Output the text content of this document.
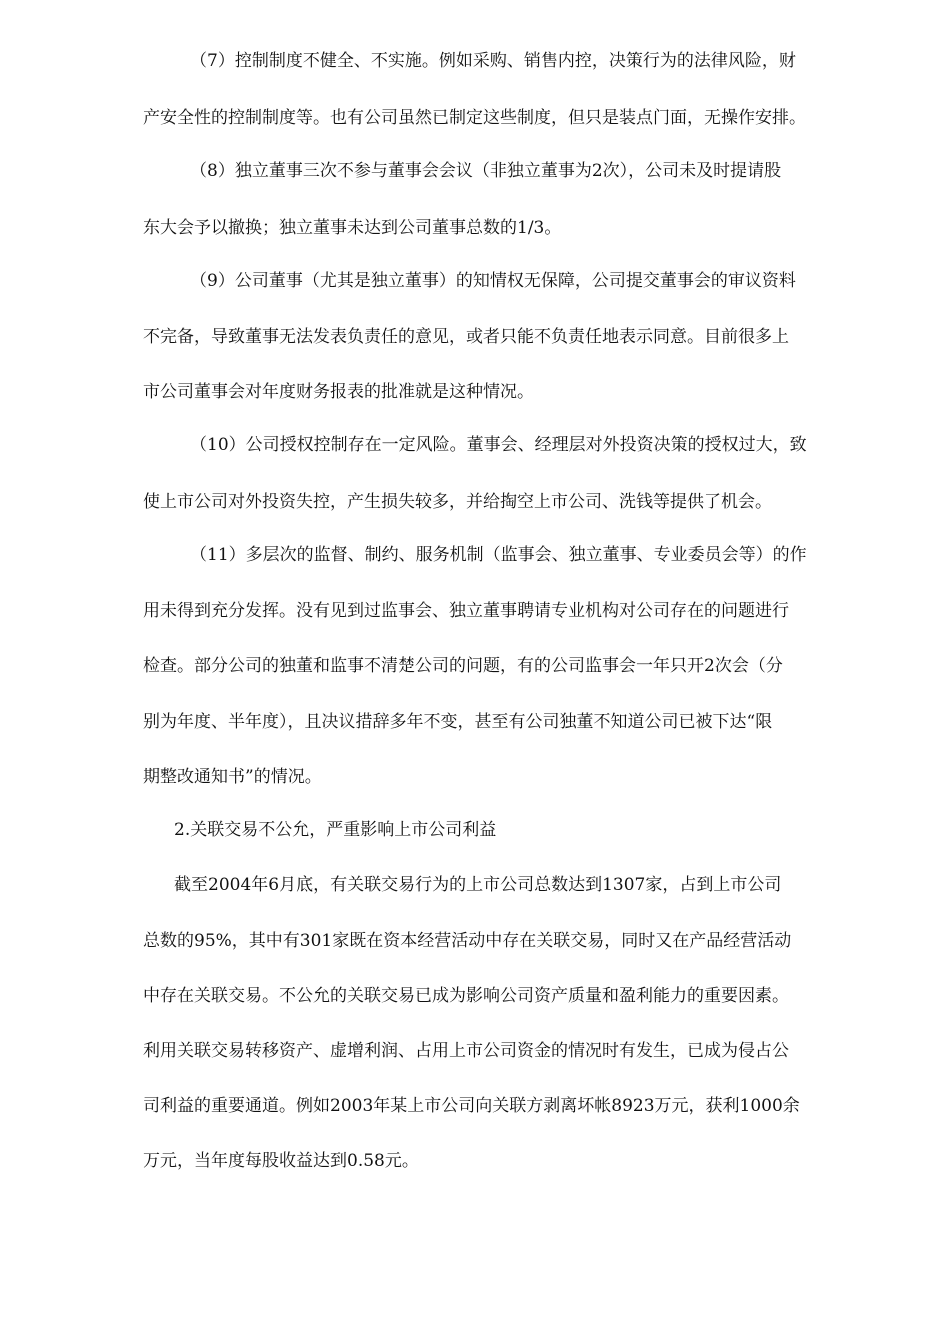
（7）控制制度不健全、不实施。例如采购、销售内控，决策行为的法律风险，财
产安全性的控制制度等。也有公司虽然已制定这些制度，但只是装点门面，无操作安排。
（8）独立董事三次不参与董事会会议（非独立董事为2次），公司未及时提请股
东大会予以撤换；独立董事未达到公司董事总数的1/3。
（9）公司董事（尤其是独立董事）的知情权无保障，公司提交董事会的审议资料
不完备，导致董事无法发表负责任的意见，或者只能不负责任地表示同意。目前很多上
市公司董事会对年度财务报表的批准就是这种情况。
（10）公司授权控制存在一定风险。董事会、经理层对外投资决策的授权过大，致
使上市公司对外投资失控，产生损失较多，并给掏空上市公司、洗钱等提供了机会。
（11）多层次的监督、制约、服务机制（监事会、独立董事、专业委员会等）的作
用未得到充分发挥。没有见到过监事会、独立董事聘请专业机构对公司存在的问题进行
检查。部分公司的独董和监事不清楚公司的问题，有的公司监事会一年只开2次会（分
别为年度、半年度），且决议措辞多年不变，甚至有公司独董不知道公司已被下达“限
期整改通知书”的情况。
2.关联交易不公允，严重影响上市公司利益
截至2004年6月底，有关联交易行为的上市公司总数达到1307家，占到上市公司
总数的95%，其中有301家既在资本经营活动中存在关联交易，同时又在产品经营活动
中存在关联交易。不公允的关联交易已成为影响公司资产质量和盈利能力的重要因素。
利用关联交易转移资产、虚增利润、占用上市公司资金的情况时有发生，已成为侵占公
司利益的重要通道。例如2003年某上市公司向关联方剥离坏帐8923万元，获利1000余
万元，当年度每股收益达到0.58元。
